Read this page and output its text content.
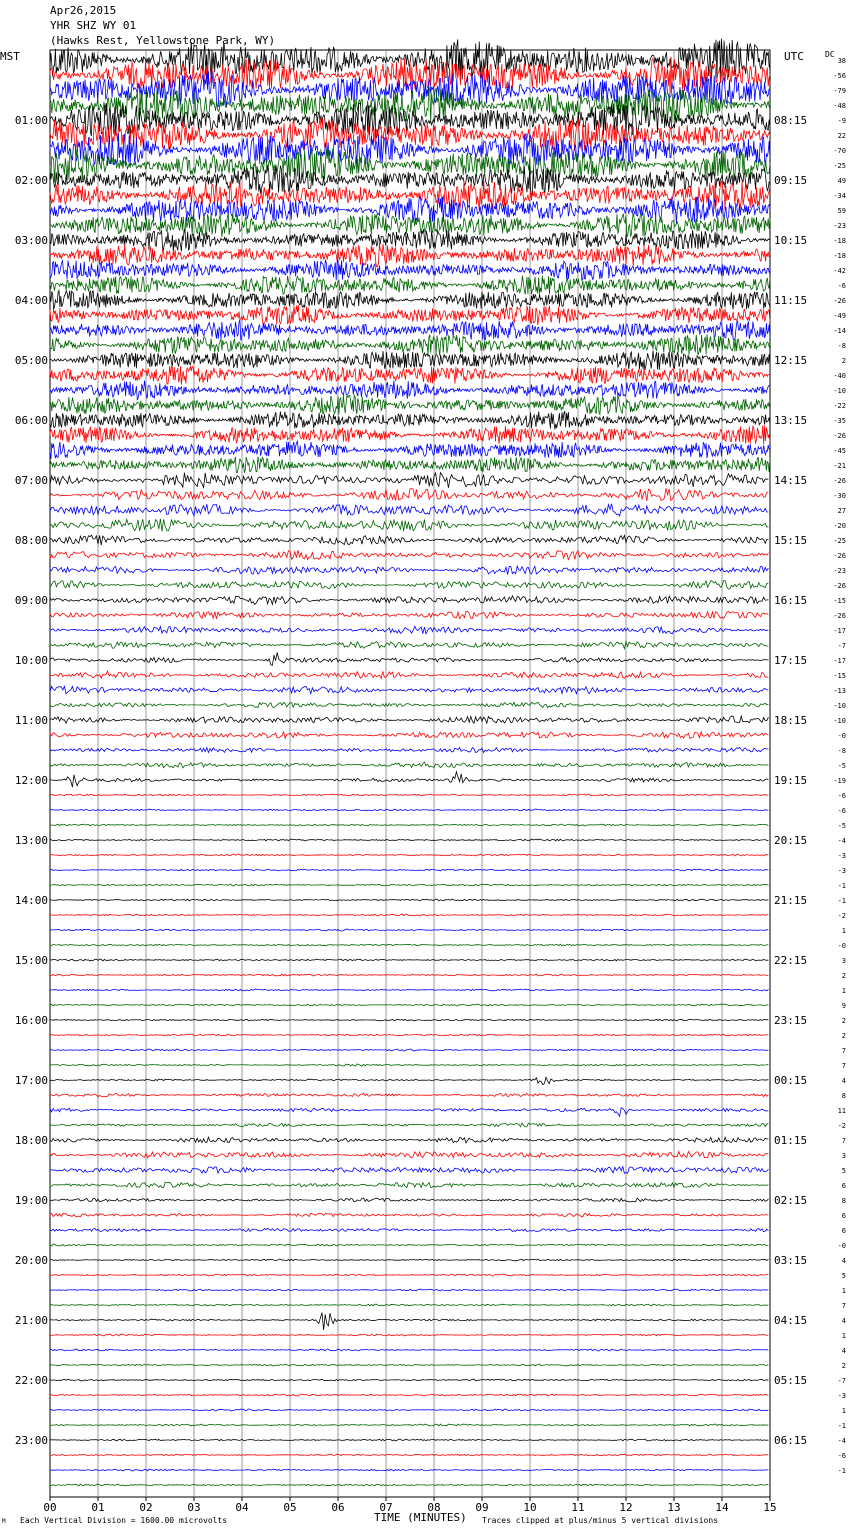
38
-56
-79
-48
-9
22
-70
-25
49
-34
59
-23
-18
-18
-42
-6
-26
-49
-14
-8
2
-40
-10
-22
-35
-26
-45
-21
-26
-30
27
-20
-25
-26
-23
-26
-15
-26
-17
-7
-17
-15
-13
-10
-10
-0
-8
-5
-19
-6
-6
-5
-4
-3
-3
-1
-1
-2
1
-0
3
2
1
9
2
2
7
7
4
8
11
-2
7
3
5
6
8
6
6
-0
4
5
1
7
4
1
4
2
-7
-3
1
-1
-4
-6
-1
01:00	08:15
02:00	09:15
03:00	10:15
04:00	11:15
05:00	12:15
06:00	13:15
07:00	14:15
08:00	15:15
09:00	16:15
10:00	17:15
11:00	18:15
12:00	19:15
13:00	20:15
14:00	21:15
15:00	22:15
16:00	23:15
17:00	00:15
18:00	01:15
19:00	02:15
20:00	03:15
21:00	04:15
22:00	05:15
23:00	06:15
00	01	02	03	04	05	06	07	08	09	10	11	12	13	14	15
Apr26,2015
YHR SHZ WY 01
(Hawks Rest, Yellowstone Park, WY)
MST	UTC	DC
TIME (MINUTES)
Each Vertical Division = 1600.00 microvolts	Traces clipped at plus/minus 5 vertical divisions
M
